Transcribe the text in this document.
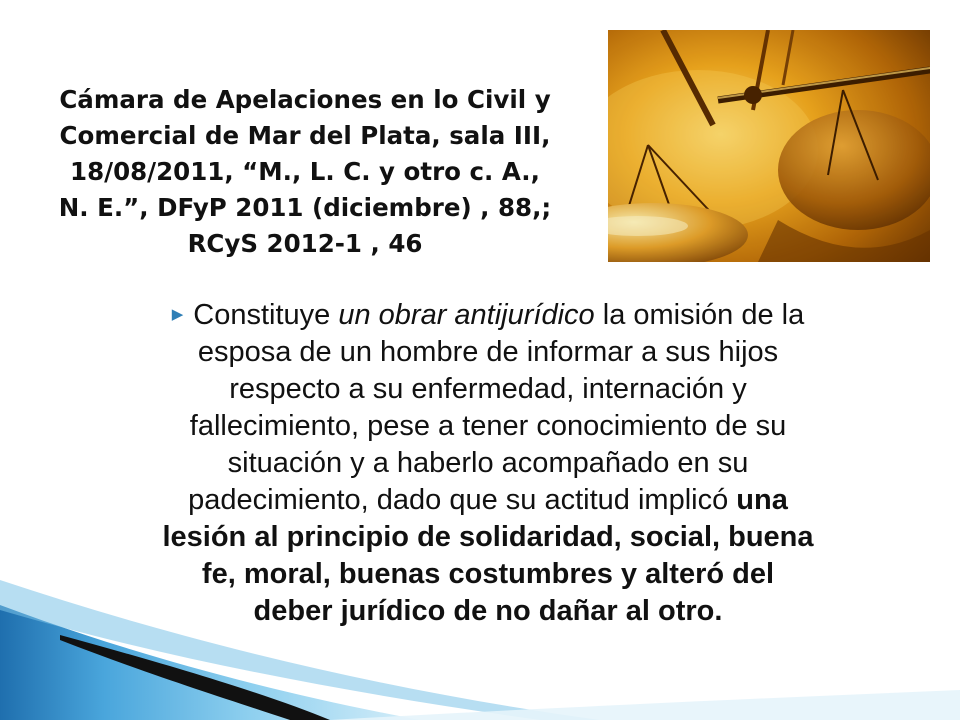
Cámara de Apelaciones en lo Civil y
Comercial de Mar del Plata, sala III,
18/08/2011, “M., L. C. y otro c. A.,
N. E.”, DFyP 2011 (diciembre) , 88,;
RCyS 2012-1 , 46

▶ Constituye un obrar antijurídico la omisión de la
esposa de un hombre de informar a sus hijos
respecto a su enfermedad, internación y
fallecimiento, pese a tener conocimiento de su
situación y a haberlo acompañado en su
padecimiento, dado que su actitud implicó una
lesión al principio de solidaridad, social, buena
fe, moral, buenas costumbres y alteró del
deber jurídico de no dañar al otro.
